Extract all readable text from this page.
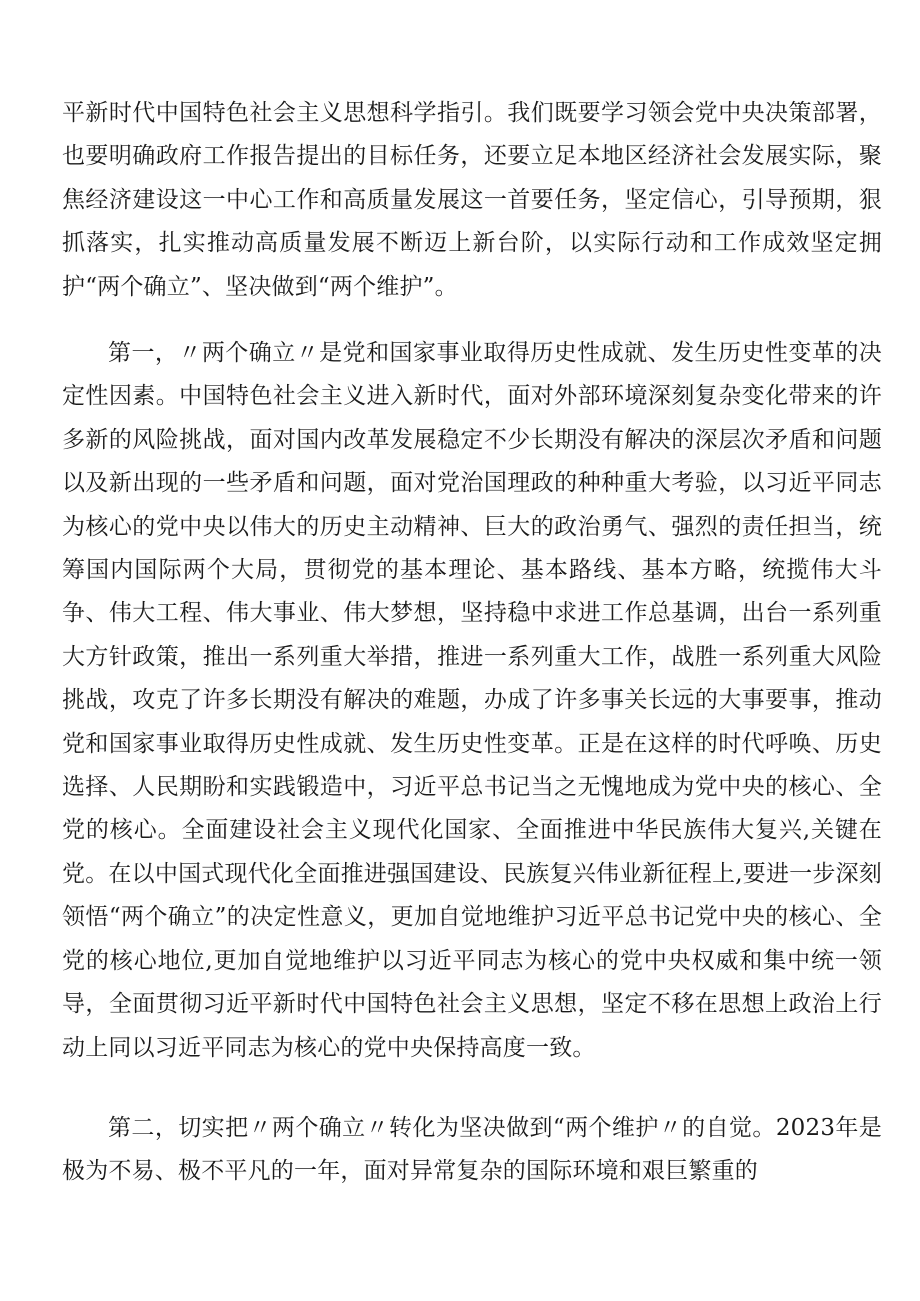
平新时代中国特色社会主义思想科学指引。我们既要学习领会党中央决策部署，也要明确政府工作报告提出的目标任务，还要立足本地区经济社会发展实际，聚焦经济建设这一中心工作和高质量发展这一首要任务，坚定信心，引导预期，狠抓落实，扎实推动高质量发展不断迈上新台阶，以实际行动和工作成效坚定拥护“两个确立”、坚决做到“两个维护”。

第一，〃两个确立〃是党和国家事业取得历史性成就、发生历史性变革的决定性因素。中国特色社会主义进入新时代，面对外部环境深刻复杂变化带来的许多新的风险挑战，面对国内改革发展稳定不少长期没有解决的深层次矛盾和问题以及新出现的一些矛盾和问题，面对党治国理政的种种重大考验，以习近平同志为核心的党中央以伟大的历史主动精神、巨大的政治勇气、强烈的责任担当，统筹国内国际两个大局，贯彻党的基本理论、基本路线、基本方略，统揽伟大斗争、伟大工程、伟大事业、伟大梦想，坚持稳中求进工作总基调，出台一系列重大方针政策，推出一系列重大举措，推进一系列重大工作，战胜一系列重大风险挑战，攻克了许多长期没有解决的难题，办成了许多事关长远的大事要事，推动党和国家事业取得历史性成就、发生历史性变革。正是在这样的时代呼唤、历史选择、人民期盼和实践锻造中，习近平总书记当之无愧地成为党中央的核心、全党的核心。全面建设社会主义现代化国家、全面推进中华民族伟大复兴,关键在党。在以中国式现代化全面推进强国建设、民族复兴伟业新征程上,要进一步深刻领悟“两个确立”的决定性意义，更加自觉地维护习近平总书记党中央的核心、全党的核心地位,更加自觉地维护以习近平同志为核心的党中央权威和集中统一领导，全面贯彻习近平新时代中国特色社会主义思想，坚定不移在思想上政治上行动上同以习近平同志为核心的党中央保持高度一致。

第二，切实把〃两个确立〃转化为坚决做到“两个维护〃的自觉。2023年是极为不易、极不平凡的一年，面对异常复杂的国际环境和艰巨繁重的
